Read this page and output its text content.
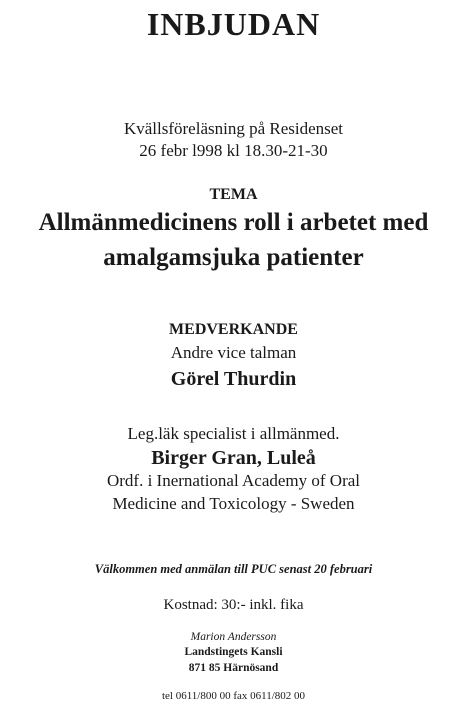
INBJUDAN
Kvällsföreläsning på Residenset
26 febr l998 kl 18.30-21-30
TEMA
Allmänmedicinens roll i arbetet med
amalgamsjuka patienter
MEDVERKANDE
Andre vice talman
Görel Thurdin
Leg.läk specialist i allmänmed.
Birger Gran, Luleå
Ordf. i Inernational Academy of Oral
Medicine and Toxicology - Sweden
Välkommen med anmälan till PUC senast 20 februari
Kostnad: 30:- inkl. fika
Marion Andersson
Landstingets Kansli
871 85 Härnösand
tel 0611/800 00 fax 0611/802 00
